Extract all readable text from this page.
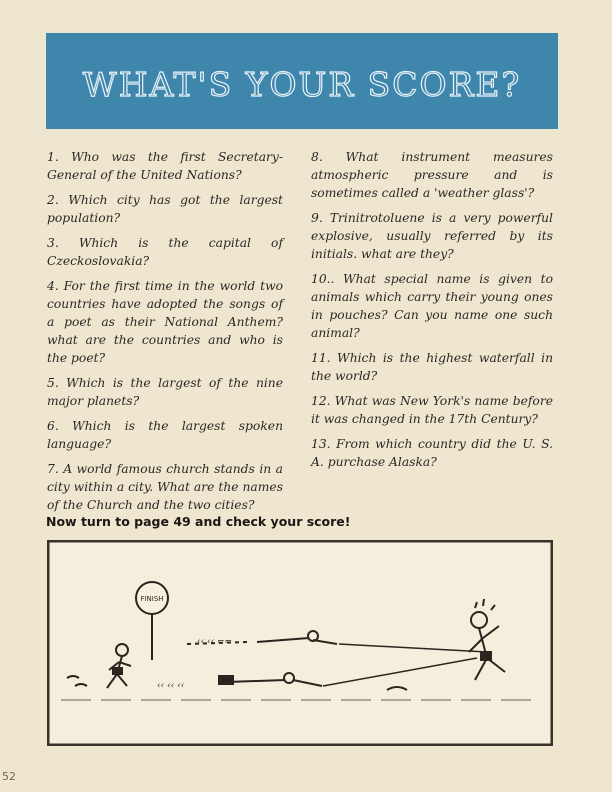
WHAT'S YOUR SCORE?

1. Who was the first Secretary-General of the United Nations?

2. Which city has got the largest population?

3. Which is the capital of Czeckoslovakia?

4. For the first time in the world two countries have adopted the songs of a poet as their National Anthem? what are the countries and who is the poet?

5. Which is the largest of the nine major planets?

6. Which is the largest spoken language?

7. A world famous church stands in a city within a city. What are the names of the Church and the two cities?

8. What instrument measures atmospheric pressure and is sometimes called a 'weather glass'?

9. Trinitrotoluene is a very powerful explosive, usually referred by its initials. what are they?

10.. What special name is given to animals which carry their young ones in pouches? Can you name one such animal?

11. Which is the highest waterfall in the world?

12. What was New York's name before it was changed in the 17th Century?

13. From which country did the U. S. A. purchase Alaska?

Now turn to page 49 and check your score!
FINISH
‹‹ ‹‹ ⌐⌐
‹‹ ‹‹ ‹‹
52
